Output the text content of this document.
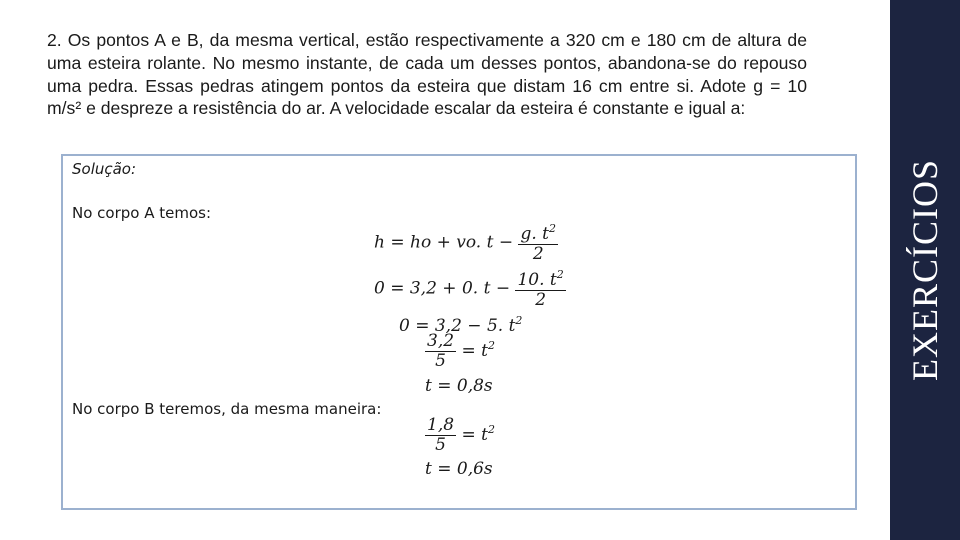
2. Os pontos A e B, da mesma vertical, estão respectivamente a 320 cm e 180 cm de altura de uma esteira rolante. No mesmo instante, de cada um desses pontos, abandona-se do repouso uma pedra. Essas pedras atingem pontos da esteira que distam 16 cm entre si. Adote g = 10 m/s² e despreze a resistência do ar. A velocidade escalar da esteira é constante e igual a:

EXERCÍCIOS
Solução:
No corpo A temos:
h = ho + vo. $t - \frac{g. t^2}{2}$
0 = 3,2 + 0. $t - \frac{10. t^2}{2}$
0 = 3,2 − 5. $t^2$
$\frac{3,2}{5} = t^2$
t = 0,8s
No corpo B teremos, da mesma maneira:
$\frac{1,8}{5} = t^2$
t = 0,6s
